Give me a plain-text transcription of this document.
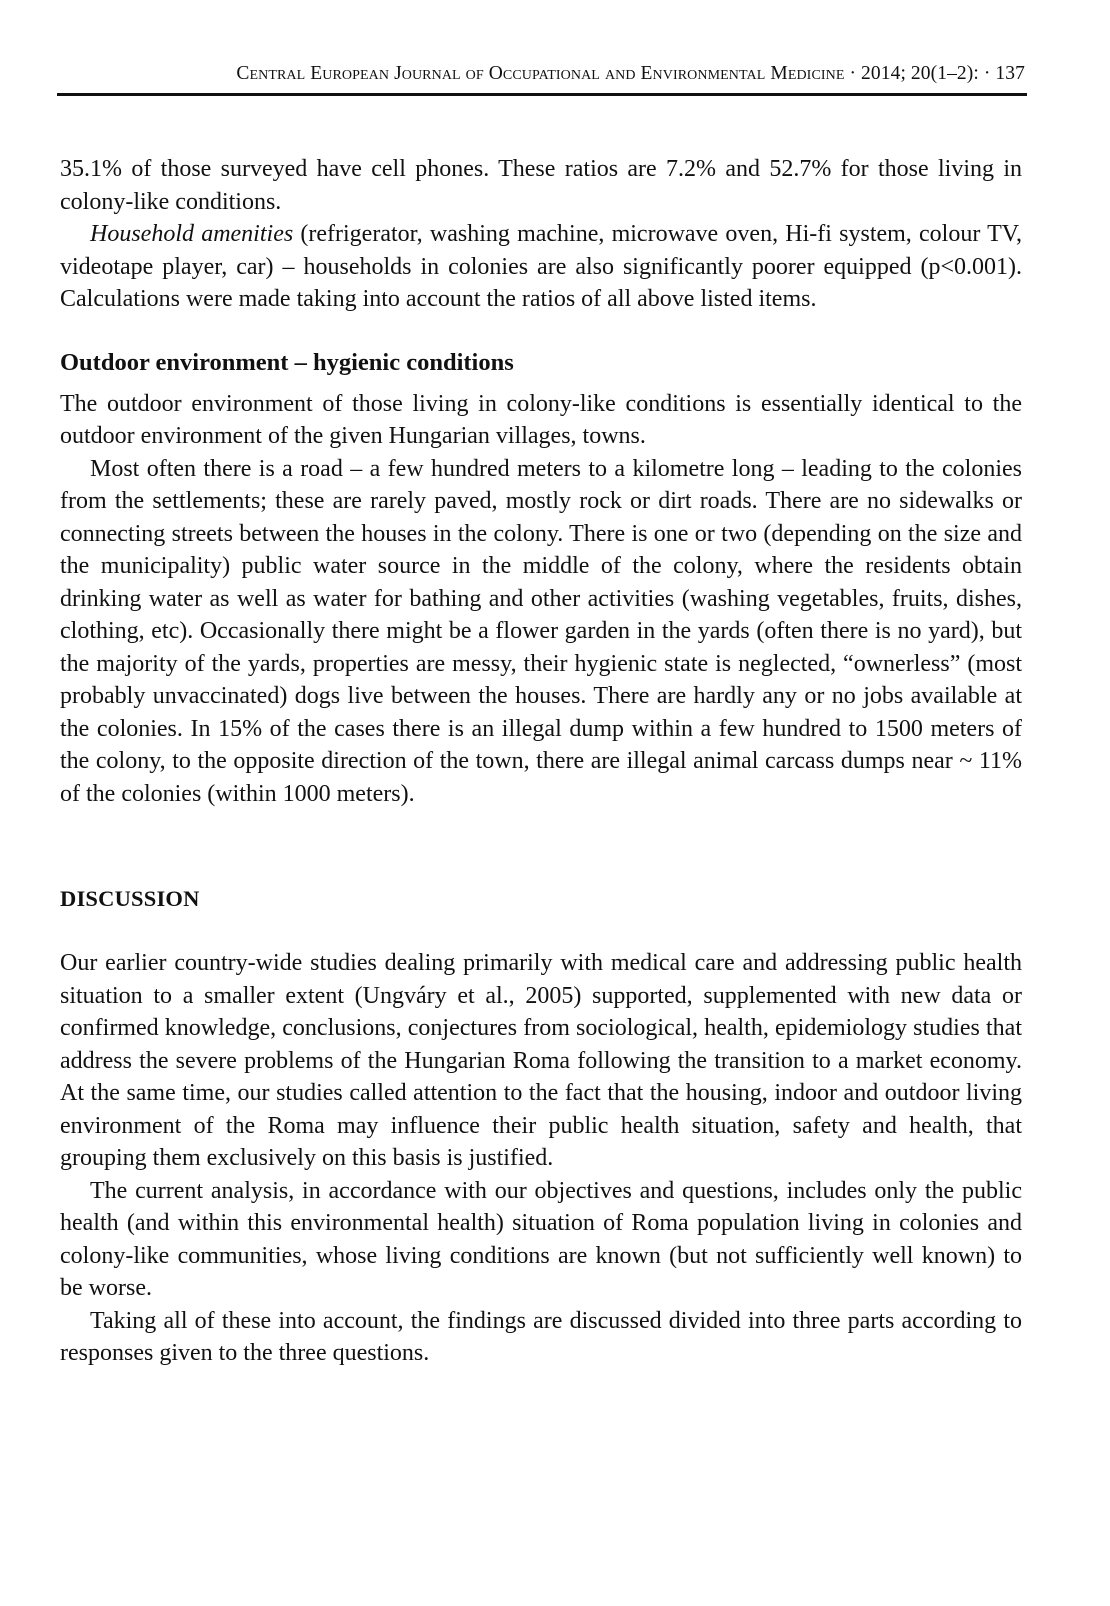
Central European Journal of Occupational and Environmental Medicine · 2014; 20(1–2): · 137

35.1% of those surveyed have cell phones. These ratios are 7.2% and 52.7% for those living in colony-like conditions.

Household amenities (refrigerator, washing machine, microwave oven, Hi-fi system, colour TV, videotape player, car) – households in colonies are also significantly poorer equipped (p<0.001). Calculations were made taking into account the ratios of all above listed items.

Outdoor environment – hygienic conditions

The outdoor environment of those living in colony-like conditions is essentially identical to the outdoor environment of the given Hungarian villages, towns.

Most often there is a road – a few hundred meters to a kilometre long – leading to the colonies from the settlements; these are rarely paved, mostly rock or dirt roads. There are no sidewalks or connecting streets between the houses in the colony. There is one or two (depending on the size and the municipality) public water source in the middle of the colony, where the residents obtain drinking water as well as water for bathing and other activities (washing vegetables, fruits, dishes, clothing, etc). Occasionally there might be a flower garden in the yards (often there is no yard), but the majority of the yards, properties are messy, their hygienic state is neglected, “ownerless” (most probably unvaccinated) dogs live between the houses. There are hardly any or no jobs available at the colonies. In 15% of the cases there is an illegal dump within a few hundred to 1500 meters of the colony, to the opposite direction of the town, there are illegal animal carcass dumps near ~ 11% of the colonies (within 1000 meters).

DISCUSSION

Our earlier country-wide studies dealing primarily with medical care and addressing public health situation to a smaller extent (Ungváry et al., 2005) supported, supplemented with new data or confirmed knowledge, conclusions, conjectures from sociological, health, epidemiology studies that address the severe problems of the Hungarian Roma following the transition to a market economy. At the same time, our studies called attention to the fact that the housing, indoor and outdoor living environment of the Roma may influence their public health situation, safety and health, that grouping them exclusively on this basis is justified.

The current analysis, in accordance with our objectives and questions, includes only the public health (and within this environmental health) situation of Roma population living in colonies and colony-like communities, whose living conditions are known (but not sufficiently well known) to be worse.

Taking all of these into account, the findings are discussed divided into three parts according to responses given to the three questions.
